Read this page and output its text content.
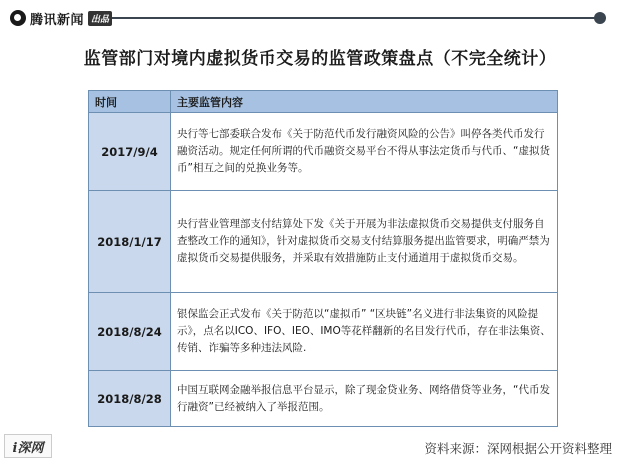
腾讯新闻 出品
监管部门对境内虚拟货币交易的监管政策盘点（不完全统计）
时间	主要监管内容
2017/9/4	央行等七部委联合发布《关于防范代币发行融资风险的公告》叫停各类代币发行融资活动。规定任何所谓的代币融资交易平台不得从事法定货币与代币、“虚拟货币”相互之间的兑换业务等。
2018/1/17	央行营业管理部支付结算处下发《关于开展为非法虚拟货币交易提供支付服务自查整改工作的通知》，针对虚拟货币交易支付结算服务提出监管要求，明确严禁为虚拟货币交易提供服务，并采取有效措施防止支付通道用于虚拟货币交易。
2018/8/24	银保监会正式发布《关于防范以“虚拟币” “区块链”名义进行非法集资的风险提示》，点名以ICO、IFO、IEO、IMO等花样翻新的名目发行代币，存在非法集资、传销、诈骗等多种违法风险.
2018/8/28	中国互联网金融举报信息平台显示，除了现金贷业务、网络借贷等业务，“代币发行融资”已经被纳入了举报范围。
i深网	资料来源：深网根据公开资料整理
